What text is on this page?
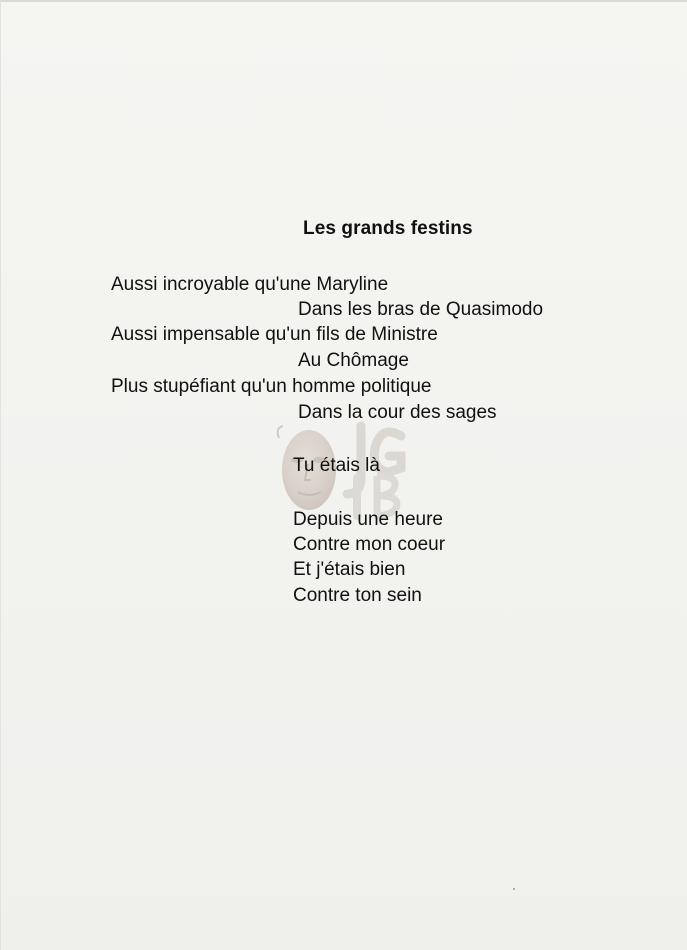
Les grands festins
Aussi incroyable qu'une Maryline
Dans les bras de Quasimodo
Aussi impensable qu'un fils de Ministre
Au Chômage
Plus stupéfiant qu'un homme politique
Dans la cour des sages
Tu étais là
Depuis une heure
Contre mon coeur
Et j'étais bien
Contre ton sein
